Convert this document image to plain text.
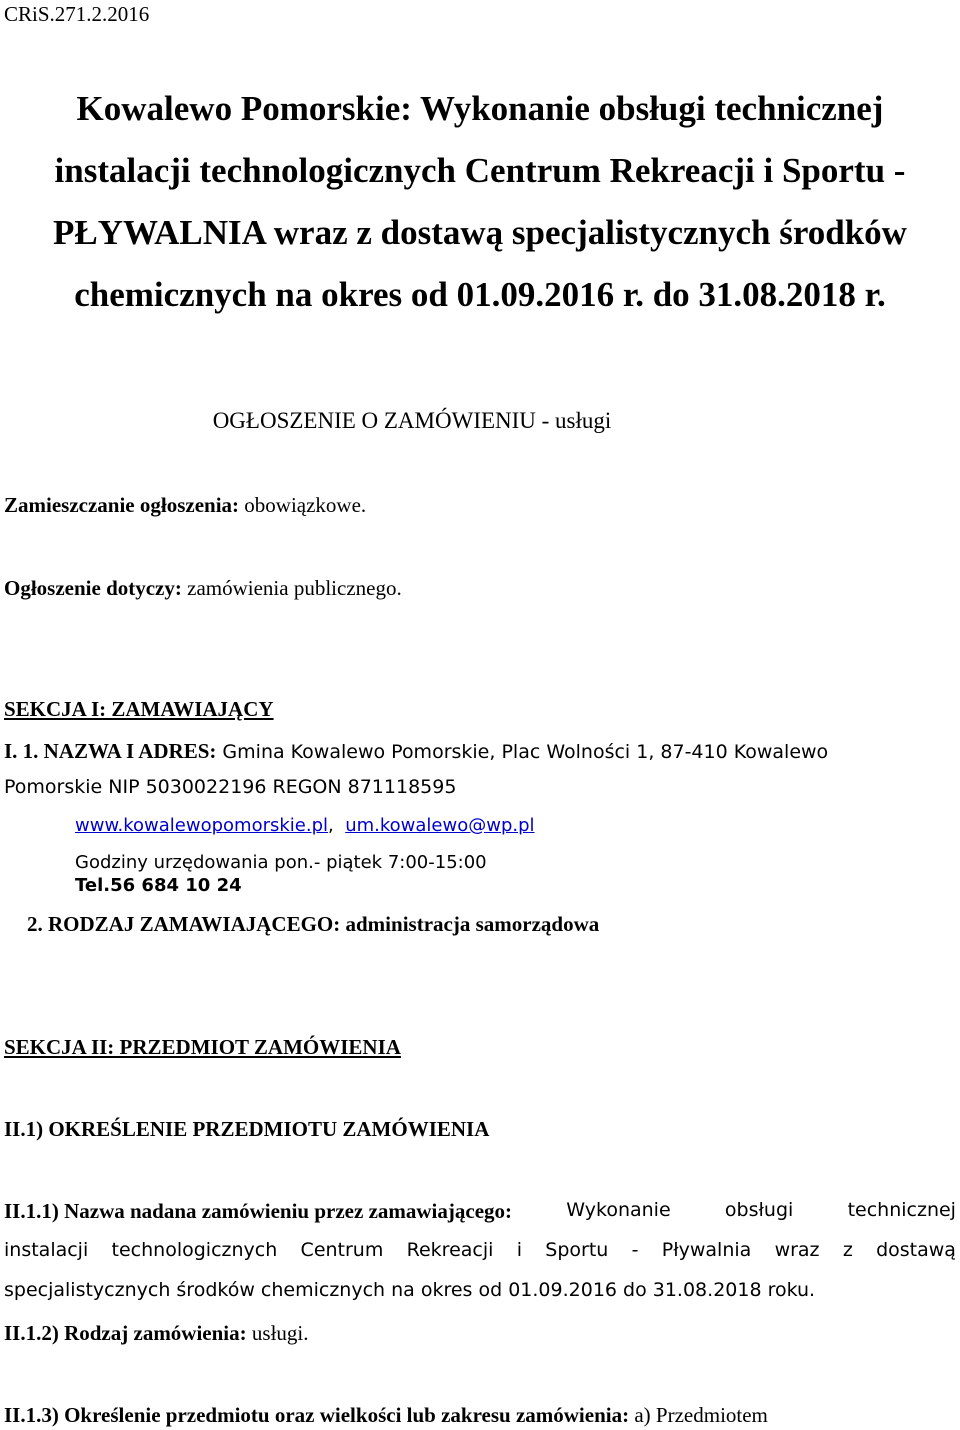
CRiS.271.2.2016
Kowalewo Pomorskie: Wykonanie obsługi technicznej
instalacji technologicznych Centrum Rekreacji i Sportu -
PŁYWALNIA wraz z dostawą specjalistycznych środków
chemicznych na okres od 01.09.2016 r. do 31.08.2018 r.
OGŁOSZENIE O ZAMÓWIENIU - usługi
Zamieszczanie ogłoszenia: obowiązkowe.
Ogłoszenie dotyczy: zamówienia publicznego.
SEKCJA I: ZAMAWIAJĄCY
I. 1. NAZWA I ADRES: Gmina Kowalewo Pomorskie, Plac Wolności 1, 87-410 Kowalewo
Pomorskie NIP 5030022196 REGON 871118595
www.kowalewopomorskie.pl, um.kowalewo@wp.pl
Godziny urzędowania pon.- piątek 7:00-15:00
Tel.56 684 10 24
2. RODZAJ ZAMAWIAJĄCEGO: administracja samorządowa
SEKCJA II: PRZEDMIOT ZAMÓWIENIA
II.1) OKREŚLENIE PRZEDMIOTU ZAMÓWIENIA
II.1.1) Nazwa nadana zamówieniu przez zamawiającego:	Wykonanie	obsługi	technicznej
instalacji technologicznych Centrum Rekreacji i Sportu - Pływalnia wraz z dostawą
specjalistycznych środków chemicznych na okres od 01.09.2016 do 31.08.2018 roku.
II.1.2) Rodzaj zamówienia: usługi.
II.1.3) Określenie przedmiotu oraz wielkości lub zakresu zamówienia: a) Przedmiotem
